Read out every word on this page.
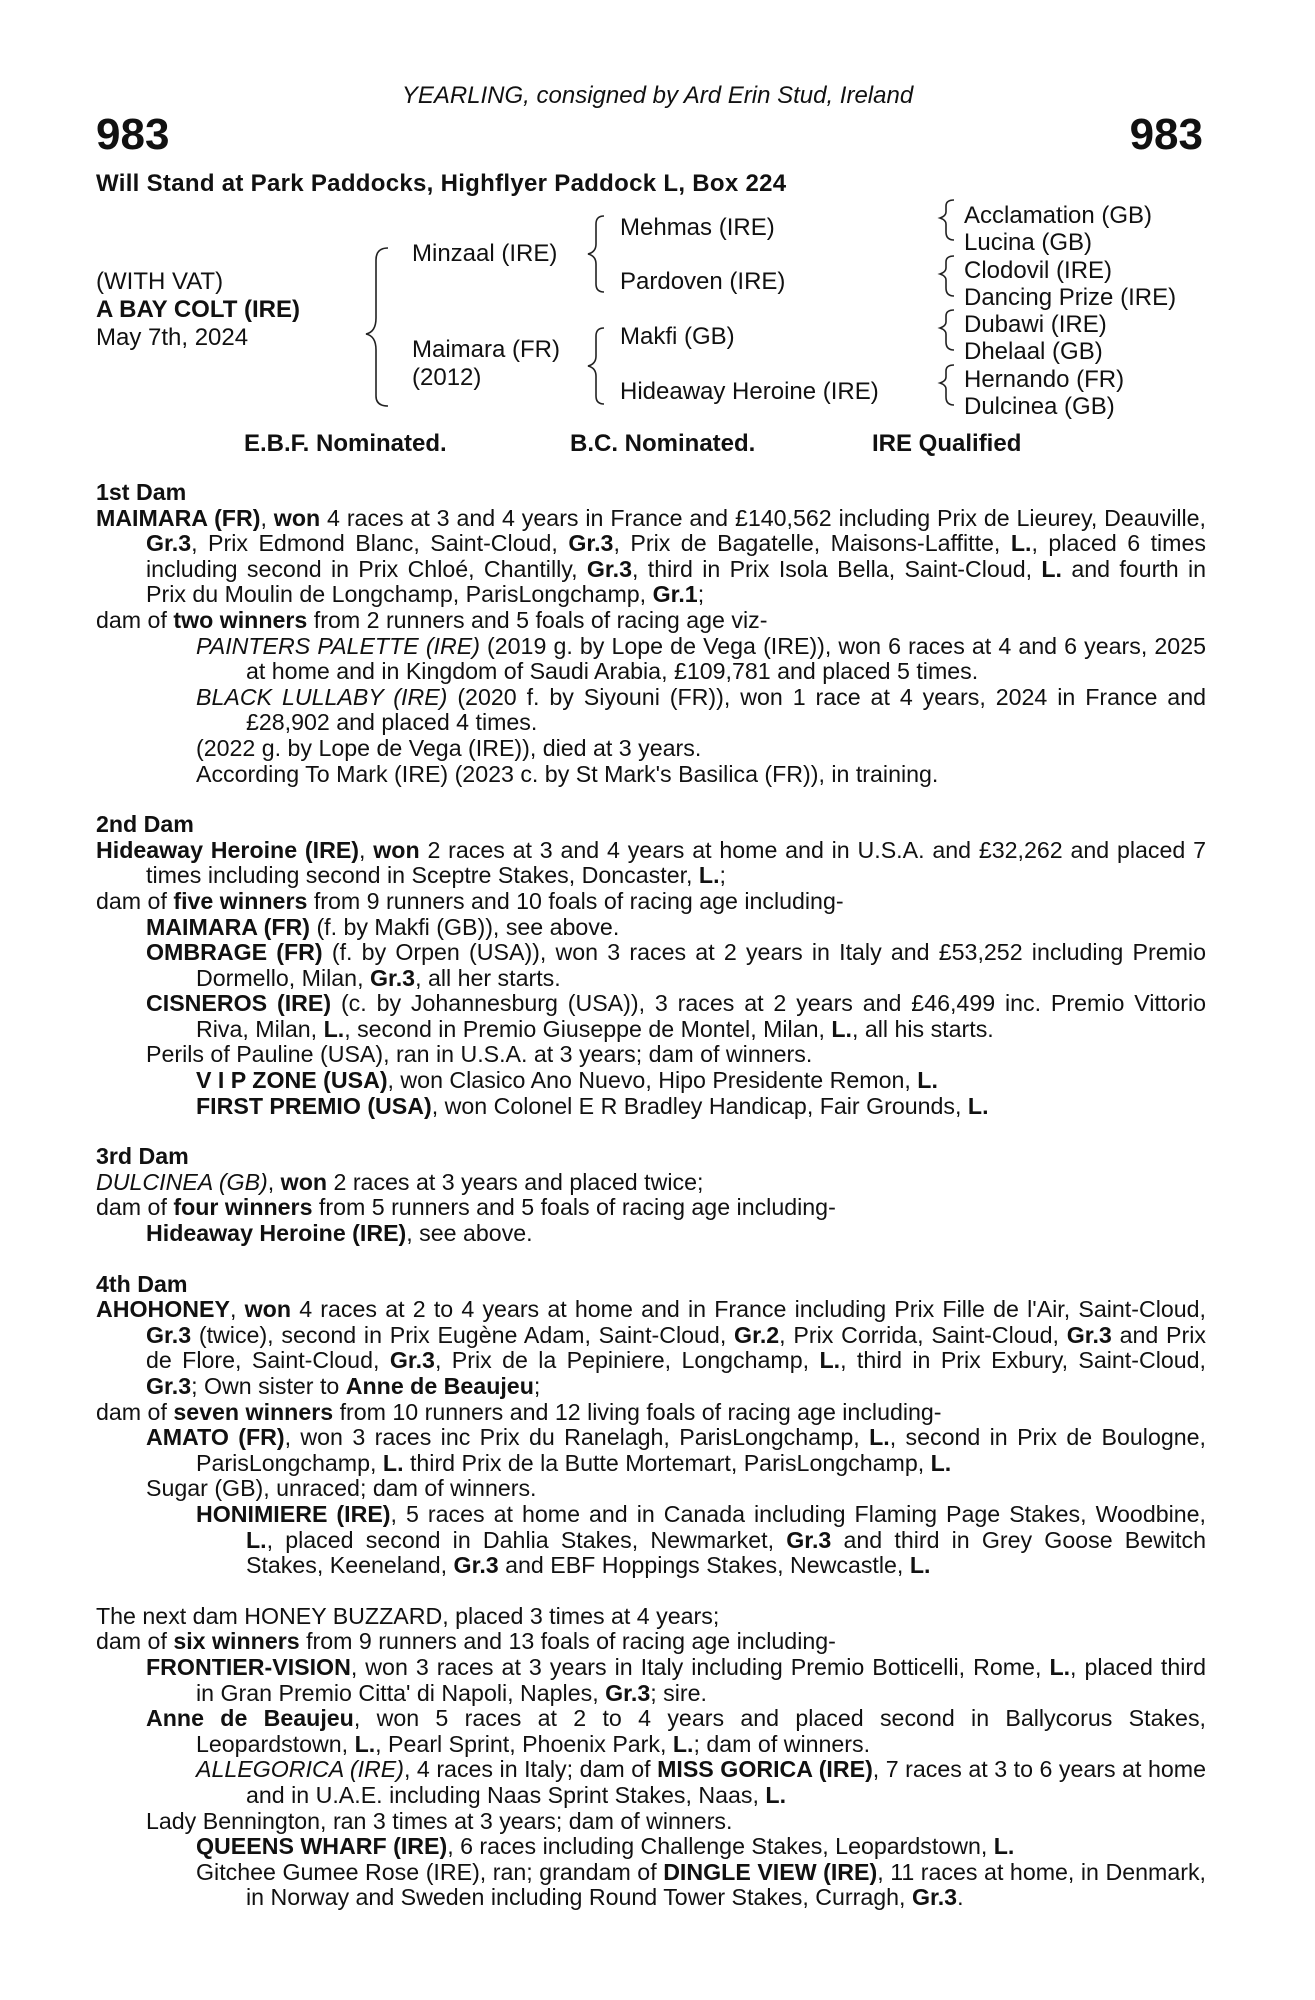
YEARLING, consigned by Ard Erin Stud, Ireland
983	983
Will Stand at Park Paddocks, Highflyer Paddock L, Box 224
(WITH VAT)
A BAY COLT (IRE)
May 7th, 2024
Minzaal (IRE)
Maimara (FR)
(2012)
Mehmas (IRE)
Pardoven (IRE)
Makfi (GB)
Hideaway Heroine (IRE)
Acclamation (GB)
Lucina (GB)
Clodovil (IRE)
Dancing Prize (IRE)
Dubawi (IRE)
Dhelaal (GB)
Hernando (FR)
Dulcinea (GB)
E.B.F. Nominated.	B.C. Nominated.	IRE Qualified

1st Dam

MAIMARA (FR), won 4 races at 3 and 4 years in France and £140,562 including Prix de Lieurey, Deauville, Gr.3, Prix Edmond Blanc, Saint-Cloud, Gr.3, Prix de Bagatelle, Maisons-Laffitte, L., placed 6 times including second in Prix Chloé, Chantilly, Gr.3, third in Prix Isola Bella, Saint-Cloud, L. and fourth in Prix du Moulin de Longchamp, ParisLongchamp, Gr.1;

dam of two winners from 2 runners and 5 foals of racing age viz-

PAINTERS PALETTE (IRE) (2019 g. by Lope de Vega (IRE)), won 6 races at 4 and 6 years, 2025 at home and in Kingdom of Saudi Arabia, £109,781 and placed 5 times.

BLACK LULLABY (IRE) (2020 f. by Siyouni (FR)), won 1 race at 4 years, 2024 in France and £28,902 and placed 4 times.

(2022 g. by Lope de Vega (IRE)), died at 3 years.

According To Mark (IRE) (2023 c. by St Mark's Basilica (FR)), in training.

2nd Dam

Hideaway Heroine (IRE), won 2 races at 3 and 4 years at home and in U.S.A. and £32,262 and placed 7 times including second in Sceptre Stakes, Doncaster, L.;

dam of five winners from 9 runners and 10 foals of racing age including-

MAIMARA (FR) (f. by Makfi (GB)), see above.

OMBRAGE (FR) (f. by Orpen (USA)), won 3 races at 2 years in Italy and £53,252 including Premio Dormello, Milan, Gr.3, all her starts.

CISNEROS (IRE) (c. by Johannesburg (USA)), 3 races at 2 years and £46,499 inc. Premio Vittorio Riva, Milan, L., second in Premio Giuseppe de Montel, Milan, L., all his starts.

Perils of Pauline (USA), ran in U.S.A. at 3 years; dam of winners.

V I P ZONE (USA), won Clasico Ano Nuevo, Hipo Presidente Remon, L.

FIRST PREMIO (USA), won Colonel E R Bradley Handicap, Fair Grounds, L.

3rd Dam

DULCINEA (GB), won 2 races at 3 years and placed twice;

dam of four winners from 5 runners and 5 foals of racing age including-

Hideaway Heroine (IRE), see above.

4th Dam

AHOHONEY, won 4 races at 2 to 4 years at home and in France including Prix Fille de l'Air, Saint-Cloud, Gr.3 (twice), second in Prix Eugène Adam, Saint-Cloud, Gr.2, Prix Corrida, Saint-Cloud, Gr.3 and Prix de Flore, Saint-Cloud, Gr.3, Prix de la Pepiniere, Longchamp, L., third in Prix Exbury, Saint-Cloud, Gr.3; Own sister to Anne de Beaujeu;

dam of seven winners from 10 runners and 12 living foals of racing age including-

AMATO (FR), won 3 races inc Prix du Ranelagh, ParisLongchamp, L., second in Prix de Boulogne, ParisLongchamp, L. third Prix de la Butte Mortemart, ParisLongchamp, L.

Sugar (GB), unraced; dam of winners.

HONIMIERE (IRE), 5 races at home and in Canada including Flaming Page Stakes, Woodbine, L., placed second in Dahlia Stakes, Newmarket, Gr.3 and third in Grey Goose Bewitch Stakes, Keeneland, Gr.3 and EBF Hoppings Stakes, Newcastle, L.

The next dam HONEY BUZZARD, placed 3 times at 4 years;

dam of six winners from 9 runners and 13 foals of racing age including-

FRONTIER-VISION, won 3 races at 3 years in Italy including Premio Botticelli, Rome, L., placed third in Gran Premio Citta' di Napoli, Naples, Gr.3; sire.

Anne de Beaujeu, won 5 races at 2 to 4 years and placed second in Ballycorus Stakes, Leopardstown, L., Pearl Sprint, Phoenix Park, L.; dam of winners.

ALLEGORICA (IRE), 4 races in Italy; dam of MISS GORICA (IRE), 7 races at 3 to 6 years at home and in U.A.E. including Naas Sprint Stakes, Naas, L.

Lady Bennington, ran 3 times at 3 years; dam of winners.

QUEENS WHARF (IRE), 6 races including Challenge Stakes, Leopardstown, L.

Gitchee Gumee Rose (IRE), ran; grandam of DINGLE VIEW (IRE), 11 races at home, in Denmark, in Norway and Sweden including Round Tower Stakes, Curragh, Gr.3.
